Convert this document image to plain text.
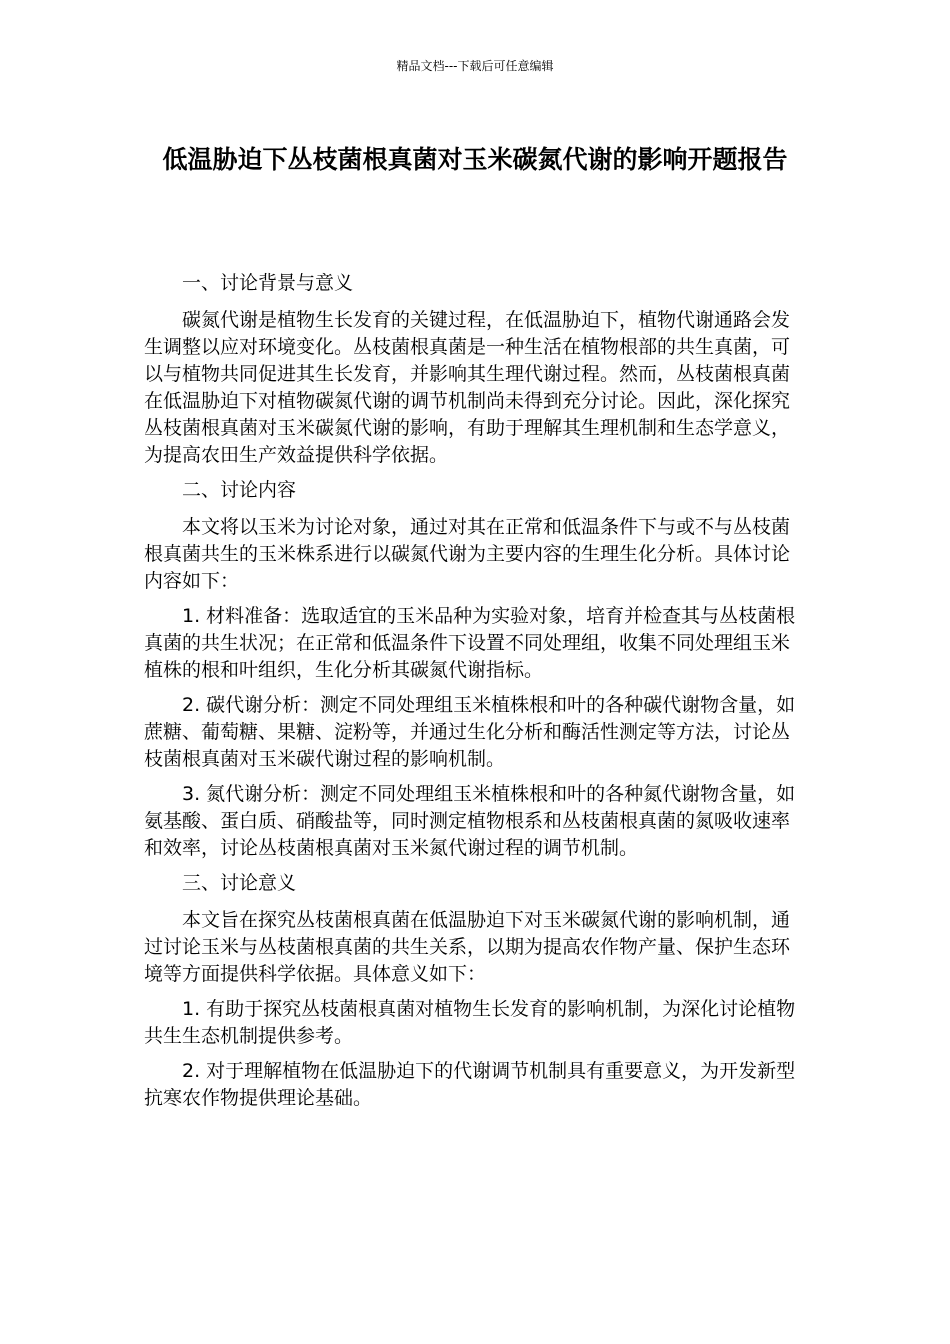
精品文档---下载后可任意编辑
低温胁迫下丛枝菌根真菌对玉米碳氮代谢的影响开题报告

一、讨论背景与意义

碳氮代谢是植物生长发育的关键过程，在低温胁迫下，植物代谢通路会发生调整以应对环境变化。丛枝菌根真菌是一种生活在植物根部的共生真菌，可以与植物共同促进其生长发育，并影响其生理代谢过程。然而，丛枝菌根真菌在低温胁迫下对植物碳氮代谢的调节机制尚未得到充分讨论。因此，深化探究丛枝菌根真菌对玉米碳氮代谢的影响，有助于理解其生理机制和生态学意义，为提高农田生产效益提供科学依据。

二、讨论内容

本文将以玉米为讨论对象，通过对其在正常和低温条件下与或不与丛枝菌根真菌共生的玉米株系进行以碳氮代谢为主要内容的生理生化分析。具体讨论内容如下：

1. 材料准备：选取适宜的玉米品种为实验对象，培育并检查其与丛枝菌根真菌的共生状况；在正常和低温条件下设置不同处理组，收集不同处理组玉米植株的根和叶组织，生化分析其碳氮代谢指标。

2. 碳代谢分析：测定不同处理组玉米植株根和叶的各种碳代谢物含量，如蔗糖、葡萄糖、果糖、淀粉等，并通过生化分析和酶活性测定等方法，讨论丛枝菌根真菌对玉米碳代谢过程的影响机制。

3. 氮代谢分析：测定不同处理组玉米植株根和叶的各种氮代谢物含量，如氨基酸、蛋白质、硝酸盐等，同时测定植物根系和丛枝菌根真菌的氮吸收速率和效率，讨论丛枝菌根真菌对玉米氮代谢过程的调节机制。

三、讨论意义

本文旨在探究丛枝菌根真菌在低温胁迫下对玉米碳氮代谢的影响机制，通过讨论玉米与丛枝菌根真菌的共生关系，以期为提高农作物产量、保护生态环境等方面提供科学依据。具体意义如下：

1. 有助于探究丛枝菌根真菌对植物生长发育的影响机制，为深化讨论植物共生生态机制提供参考。

2. 对于理解植物在低温胁迫下的代谢调节机制具有重要意义，为开发新型抗寒农作物提供理论基础。
